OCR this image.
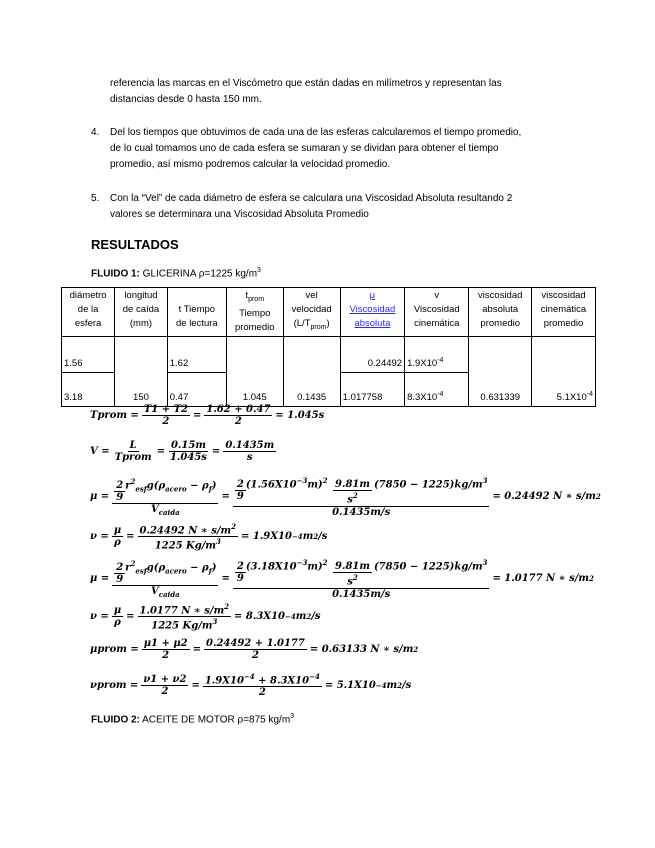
referencia las marcas en el Viscómetro que están dadas en milímetros y representan las
distancias desde 0 hasta 150 mm.
4. Del los tiempos que obtuvimos de cada una de las esferas calcularemos el tiempo promedio,
de lo cual tomamos uno de cada esfera se sumaran y se dividan para obtener el tiempo
promedio, así mismo podremos calcular la velocidad promedio.
5. Con la “Vel” de cada diámetro de esfera se calculara una Viscosidad Absoluta resultando 2
valores se determinara una Viscosidad Absoluta Promedio
RESULTADOS
FLUIDO 1: GLICERINA ρ=1225 $kg/m^3$
diámetro
de la
esfera	longitud
de caída
(mm)	t Tiempo
de lectura	$t_{prom}$
Tiempo
promedio	vel
velocidad
$(L/T_{prom})$	μ
Viscosidad
absoluta	v
Viscosidad
cinemática	viscosidad
absoluta
promedio	viscosidad
cinemática
promedio
1.56	150	1.62	1.045	0.1435	0.24492	$1.9X10^{-4}$	0.631339	$5.1X10^{-4}$
3.18		0.47			1.017758	$8.3X10^{-4}$
Tprom = $\frac{T1 + T2}{2} = \frac{1.62 + 0.47}{2} = 1.045s$
$V = \frac{L}{\text{Tprom}} = \frac{0.15m}{1.045s} = \frac{0.1435m}{s}$
$\mu = \frac{\frac{2}{9} r^2_{esf}g(\rho_{acero} - \rho_f)}{V_{caida}} = \frac{\frac{2}{9} (1.56X10^{-3}m)^2 \frac{9.81m}{s^2} (7850 - 1225)kg/m^3}{0.1435m/s} = 0.24492$ N ∗ s/m 2
$\nu = \frac{\mu}{\rho} = \frac{0.24492 N ∗ s/m^2}{1225 Kg/m^3} = 1.9X10 -4$ m 2 /s
$\mu = \frac{\frac{2}{9} r^2_{esf}g(\rho_{acero} - \rho_f)}{V_{caida}} = \frac{\frac{2}{9} (3.18X10^{-3}m)^2 \frac{9.81m}{s^2} (7850 - 1225)kg/m^3}{0.1435m/s} = 1.0177$ N ∗ s/m 2
$\nu = \frac{\mu}{\rho} = \frac{1.0177 N ∗ s/m^2}{1225 Kg/m^3} = 8.3X10 -4$ m 2 /s
μprom = $\frac{\mu 1 + \mu 2}{2} = \frac{0.24492 + 1.0177}{2} = 0.63133$ N ∗ s/m 2
νprom = $\frac{\nu 1 + \nu 2}{2} = \frac{1.9X10^{-4} + 8.3X10^{-4}}{2} = 5.1X10 -4$ m 2 /s
FLUIDO 2: ACEITE DE MOTOR ρ=875 $kg/m^3$
